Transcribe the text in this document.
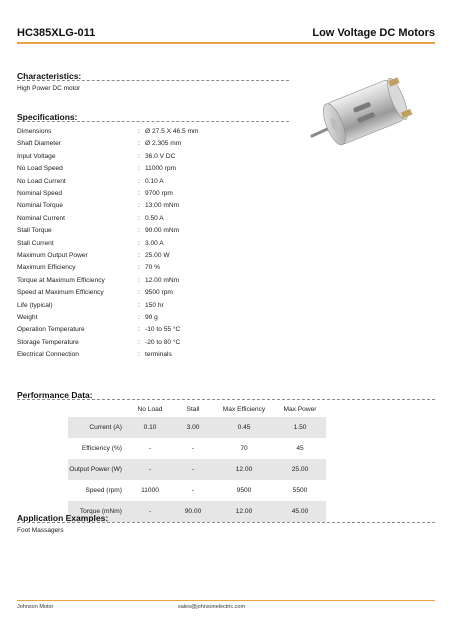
HC385XLG-011	Low Voltage DC Motors
Characteristics:
High Power DC motor
Specifications:
Dimensions	: Ø 27.5 X 46.5 mm
Shaft Diameter	: Ø 2.305 mm
Input Voltage	: 36.0 V DC
No Load Speed	: 11000 rpm
No Load Current	: 0.10 A
Nominal Speed	: 9700 rpm
Nominal Torque	: 13.00 mNm
Nominal Current	: 0.50 A
Stall Torque	: 90.00 mNm
Stall Current	: 3.00 A
Maximum Output Power	: 25.00 W
Maximum Efficiency	: 70 %
Torque at Maximum Efficiency	: 12.00 mNm
Speed at Maximum Efficiency	: 9500 rpm
Life (typical)	: 150 hr
Weight	: 90 g
Operation Temperature	: -10 to 55 °C
Storage Temperature	: -20 to 80 °C
Electrical Connection	: terminals
Performance Data:
	No Load	Stall	Max Efficiency	Max Power
Current (A)	0.10	3.00	0.45	1.50
Efficiency (%)	-	-	70	45
Output Power (W)	-	-	12.00	25.00
Speed (rpm)	11000	-	9500	5500
Torque (mNm)	-	90.00	12.00	45.00
Application Examples:
Foot Massagers
Johnson Motor	sales@johnsonelectric.com
